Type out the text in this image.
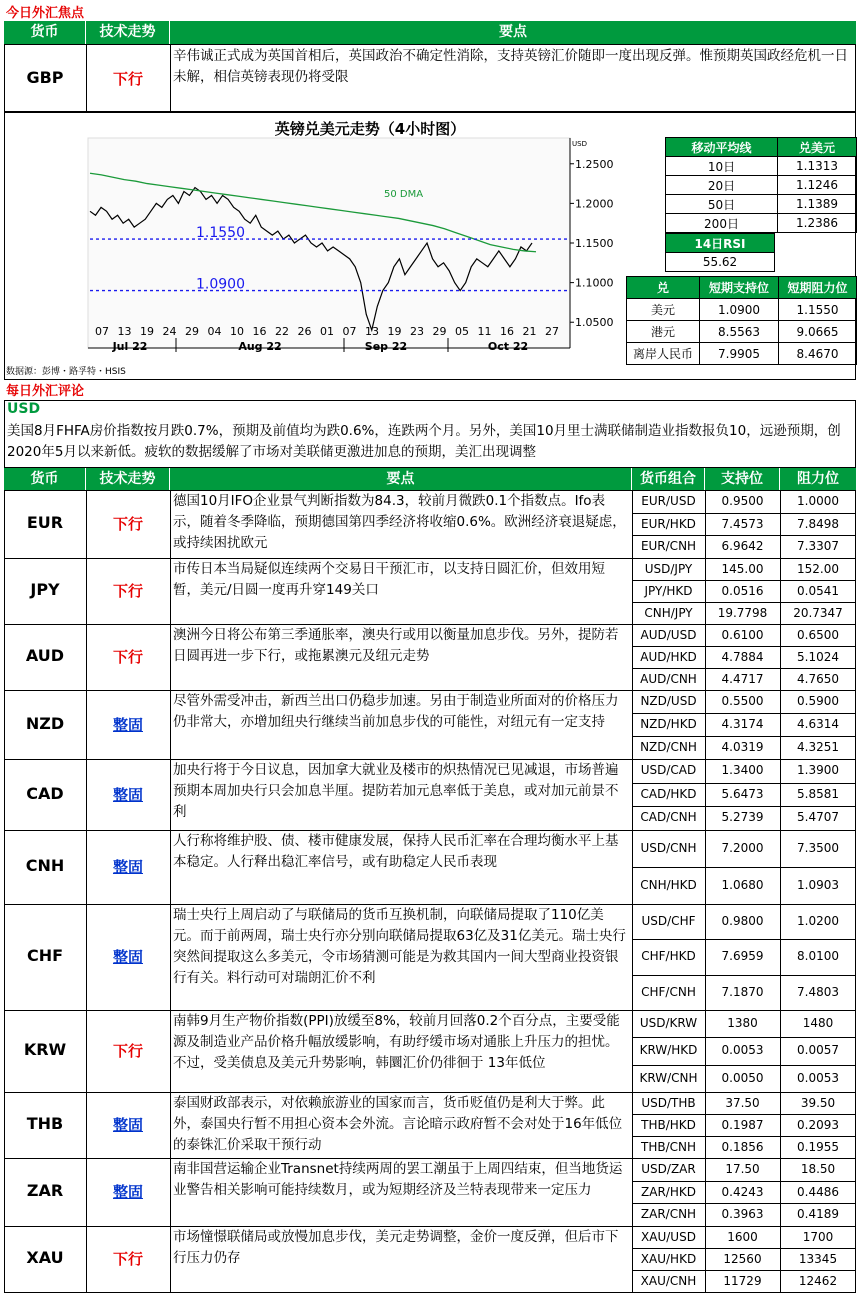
今日外汇焦点
货币	技术走势	要点
GBP	下行
辛伟诚正式成为英国首相后，英国政治不确定性消除，支持英镑汇价随即一度出现反弹。惟预期英国政经危机一日未解，相信英镑表现仍将受限
英镑兑美元走势（4小时图）
50 DMA
1.1550
1.0900
USD
1.2500
1.2000
1.1500
1.1000
1.0500
07 13 19 24 29 04 10 16 22 26 01 07 13 19 23 29 05 11 16 21 27
Jul 22	Aug 22	Sep 22	Oct 22
数据源：彭博・路孚特・HSIS
移动平均线	兑美元
10日	1.1313
20日	1.1246
50日	1.1389
200日	1.2386
14日RSI
55.62
兑	短期支持位	短期阻力位
美元	1.0900	1.1550
港元	8.5563	9.0665
离岸人民币	7.9905	8.4670
每日外汇评论
USD
美国8月FHFA房价指数按月跌0.7%，预期及前值均为跌0.6%，连跌两个月。另外，美国10月里士满联储制造业指数报负10，远逊预期，创2020年5月以来新低。疲软的数据缓解了市场对美联储更激进加息的预期，美汇出现调整
货币	技术走势	要点	货币组合	支持位	阻力位
EUR	下行
德国10月IFO企业景气判断指数为84.3，较前月微跌0.1个指数点。Ifo表示，随着冬季降临，预期德国第四季经济将收缩0.6%。欧洲经济衰退疑虑，或持续困扰欧元
EUR/USD	0.9500	1.0000
EUR/HKD	7.4573	7.8498
EUR/CNH	6.9642	7.3307
JPY	下行
市传日本当局疑似连续两个交易日干预汇市，以支持日圆汇价，但效用短暂，美元/日圆一度再升穿149关口
USD/JPY	145.00	152.00
JPY/HKD	0.0516	0.0541
CNH/JPY	19.7798	20.7347
AUD	下行
澳洲今日将公布第三季通胀率，澳央行或用以衡量加息步伐。另外，提防若日圆再进一步下行，或拖累澳元及纽元走势
AUD/USD	0.6100	0.6500
AUD/HKD	4.7884	5.1024
AUD/CNH	4.4717	4.7650
NZD	整固
尽管外需受冲击，新西兰出口仍稳步加速。另由于制造业所面对的价格压力仍非常大，亦增加纽央行继续当前加息步伐的可能性，对纽元有一定支持
NZD/USD	0.5500	0.5900
NZD/HKD	4.3174	4.6314
NZD/CNH	4.0319	4.3251
CAD	整固
加央行将于今日议息，因加拿大就业及楼市的炽热情况已见减退，市场普遍预期本周加央行只会加息半厘。提防若加元息率低于美息，或对加元前景不利
USD/CAD	1.3400	1.3900
CAD/HKD	5.6473	5.8581
CAD/CNH	5.2739	5.4707
CNH	整固
人行称将维护股、债、楼市健康发展，保持人民币汇率在合理均衡水平上基本稳定。人行释出稳汇率信号，或有助稳定人民币表现
USD/CNH	7.2000	7.3500
CNH/HKD	1.0680	1.0903
CHF	整固
瑞士央行上周启动了与联储局的货币互换机制，向联储局提取了110亿美元。而于前两周，瑞士央行亦分别向联储局提取63亿及31亿美元。瑞士央行突然间提取这么多美元，令市场猜测可能是为救其国内一间大型商业投资银行有关。料行动可对瑞朗汇价不利
USD/CHF	0.9800	1.0200
CHF/HKD	7.6959	8.0100
CHF/CNH	7.1870	7.4803
KRW	下行
南韩9月生产物价指数(PPI)放缓至8%，较前月回落0.2个百分点，主要受能源及制造业产品价格升幅放缓影响，有助纾缓市场对通胀上升压力的担忧。不过，受美债息及美元升势影响，韩圜汇价仍徘徊于 13年低位
USD/KRW	1380	1480
KRW/HKD	0.0053	0.0057
KRW/CNH	0.0050	0.0053
THB	整固
泰国财政部表示，对依赖旅游业的国家而言，货币贬值仍是利大于弊。此外，泰国央行暂不用担心资本会外流。言论暗示政府暂不会对处于16年低位的泰铢汇价采取干预行动
USD/THB	37.50	39.50
THB/HKD	0.1987	0.2093
THB/CNH	0.1856	0.1955
ZAR	整固
南非国营运输企业Transnet持续两周的罢工潮虽于上周四结束，但当地货运业警告相关影响可能持续数月，或为短期经济及兰特表现带来一定压力
USD/ZAR	17.50	18.50
ZAR/HKD	0.4243	0.4486
ZAR/CNH	0.3963	0.4189
XAU	下行
市场憧憬联储局或放慢加息步伐，美元走势调整，金价一度反弹，但后市下行压力仍存
XAU/USD	1600	1700
XAU/HKD	12560	13345
XAU/CNH	11729	12462
